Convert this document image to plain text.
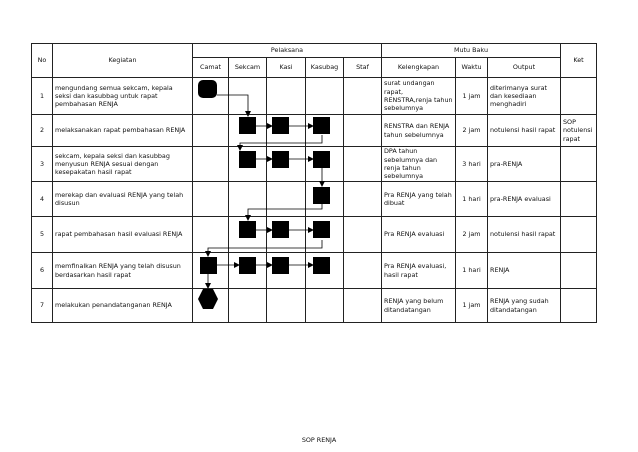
No	Kegiatan	Pelaksana					Mutu Baku			Ket
		Camat	Sekcam	Kasi	Kasubag	Staf	Kelengkapan	Waktu	Output	
1	mengundang semua sekcam, kepala seksi dan kasubbag untuk rapat pembahasan RENJA						surat undangan rapat, RENSTRA,renja tahun sebelumnya	1 jam	diterimanya surat dan kesediaan menghadiri	
2	melaksanakan rapat pembahasan RENJA						RENSTRA dan RENJA tahun sebelumnya	2 jam	notulensi hasil rapat	SOP notulensi rapat
3	sekcam, kepala seksi dan kasubbag menyusun RENJA sesuai dengan kesepakatan hasil rapat						DPA tahun sebelumnya dan renja tahun sebelumnya	3 hari	pra-RENJA	
4	merekap dan evaluasi RENJA yang telah disusun						Pra RENJA yang telah dibuat	1 hari	pra-RENJA evaluasi	
5	rapat pembahasan hasil evaluasi RENJA						Pra RENJA evaluasi	2 jam	notulensi hasil rapat	
6	memfinalkan RENJA yang telah disusun berdasarkan hasil rapat						Pra RENJA evaluasi, hasil rapat	1 hari	RENJA	
7	melakukan penandatanganan RENJA						RENJA yang belum ditandatangan	1 jam	RENJA yang sudah ditandatangan	
SOP RENJA
